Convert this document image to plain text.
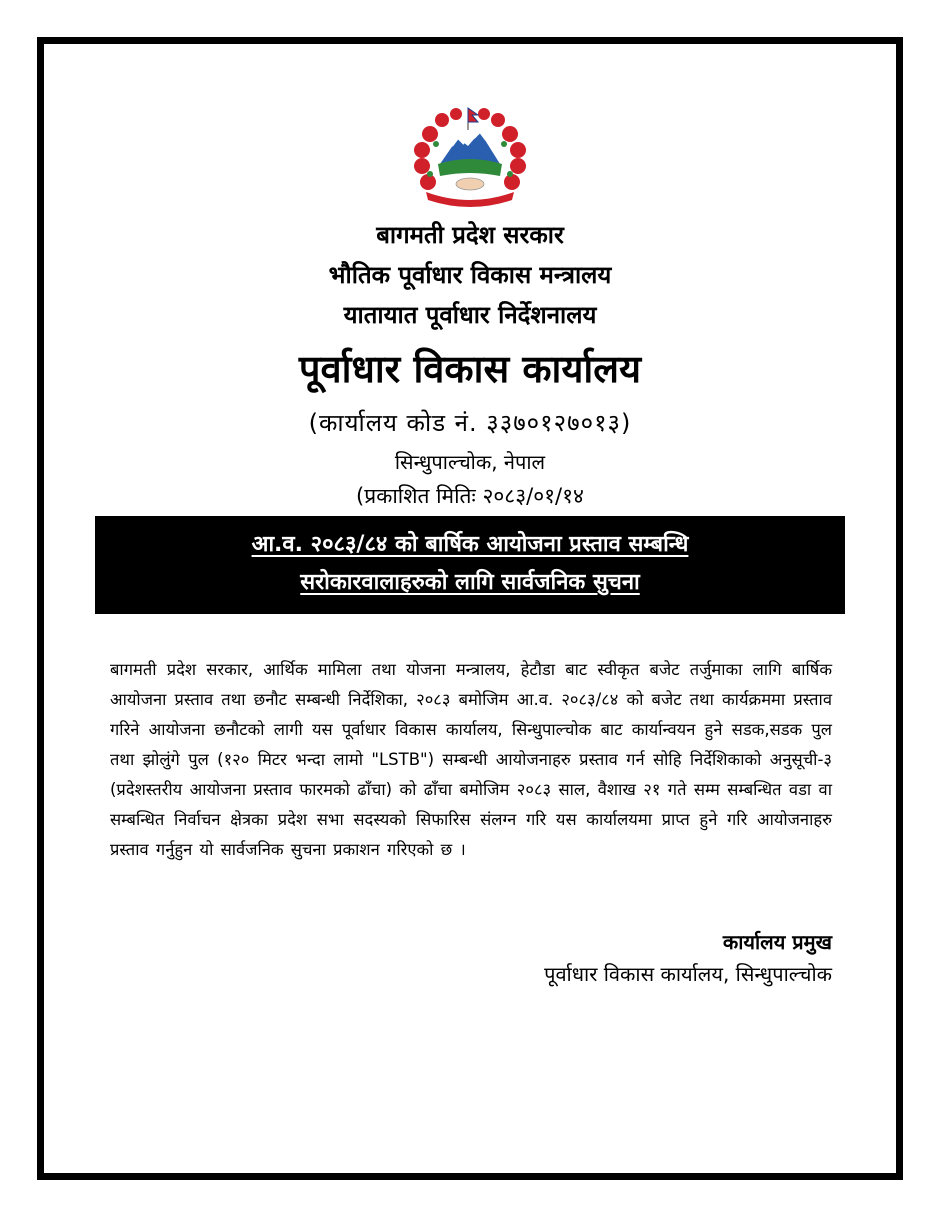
बागमती प्रदेश सरकार
भौतिक पूर्वाधार विकास मन्त्रालय
यातायात पूर्वाधार निर्देशनालय
पूर्वाधार विकास कार्यालय
(कार्यालय कोड नं. ३३७०१२७०१३)
सिन्धुपाल्चोक, नेपाल
(प्रकाशित मितिः २०८३/०१/१४
आ.व. २०८३/८४ को बार्षिक आयोजना प्रस्ताव सम्बन्धि
सरोकारवालाहरुको लागि सार्वजनिक सुचना
बागमती प्रदेश सरकार, आर्थिक मामिला तथा योजना मन्त्रालय, हेटौडा बाट स्वीकृत बजेट तर्जुमाका लागि बार्षिक आयोजना प्रस्ताव तथा छनौट सम्बन्धी निर्देशिका, २०८३ बमोजिम आ.व. २०८३/८४ को बजेट तथा कार्यक्रममा प्रस्ताव गरिने आयोजना छनौटको लागी यस पूर्वाधार विकास कार्यालय, सिन्धुपाल्चोक बाट कार्यान्वयन हुने सडक,सडक पुल तथा झोलुंगे पुल (१२० मिटर भन्दा लामो "LSTB") सम्बन्धी आयोजनाहरु प्रस्ताव गर्न सोहि निर्देशिकाको अनुसूची-३ (प्रदेशस्तरीय आयोजना प्रस्ताव फारमको ढाँचा) को ढाँचा बमोजिम २०८३ साल, वैशाख २१ गते सम्म सम्बन्धित वडा वा सम्बन्धित निर्वाचन क्षेत्रका प्रदेश सभा सदस्यको सिफारिस संलग्न गरि यस कार्यालयमा प्राप्त हुने गरि आयोजनाहरु प्रस्ताव गर्नुहुन यो सार्वजनिक सुचना प्रकाशन गरिएको छ ।
कार्यालय प्रमुख
पूर्वाधार विकास कार्यालय, सिन्धुपाल्चोक
